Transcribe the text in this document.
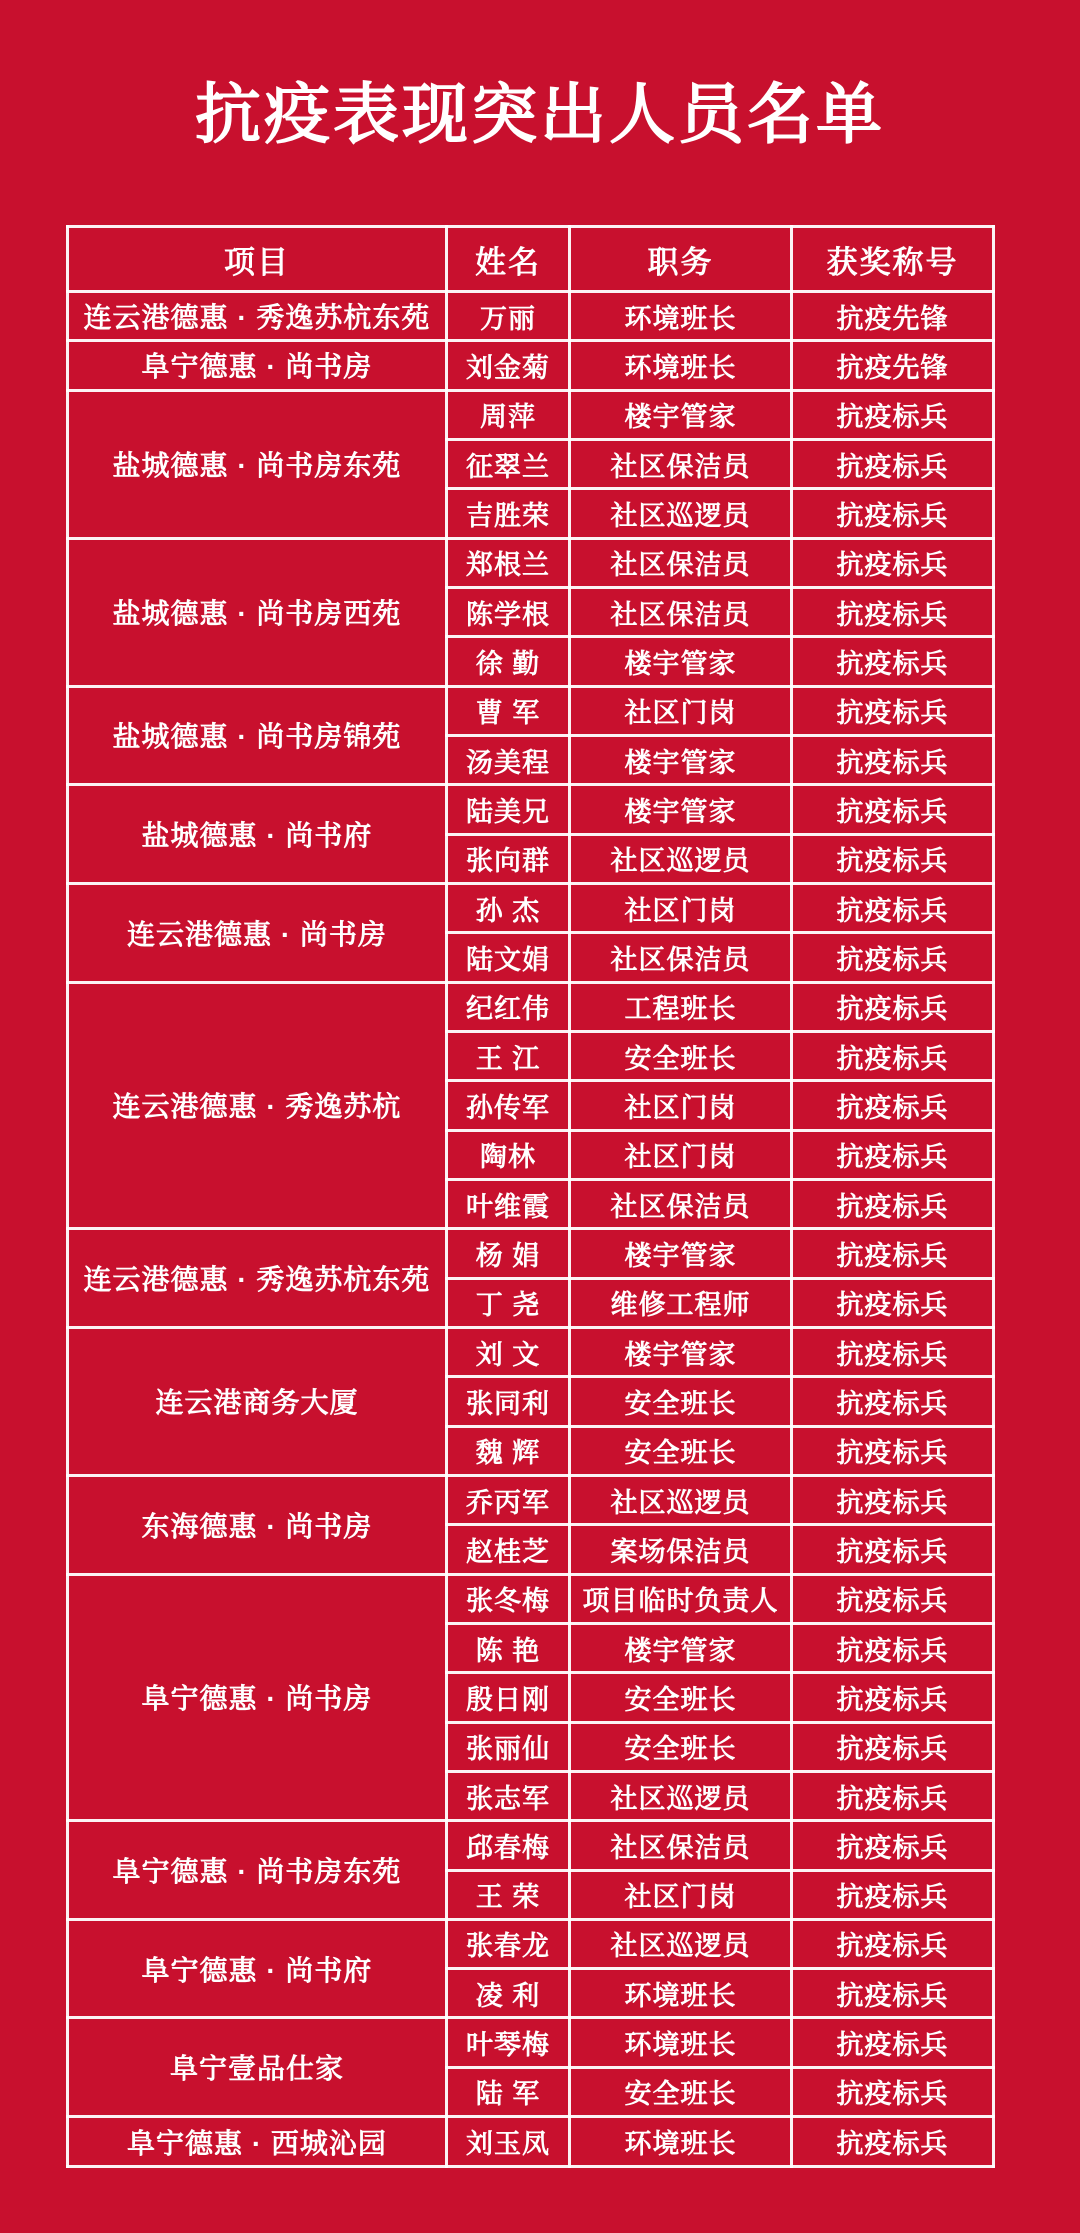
抗疫表现突出人员名单
项目	姓名	职务	获奖称号
连云港德惠 · 秀逸苏杭东苑	万丽	环境班长	抗疫先锋
阜宁德惠 · 尚书房	刘金菊	环境班长	抗疫先锋
盐城德惠 · 尚书房东苑	周萍	楼宇管家	抗疫标兵
	征翠兰	社区保洁员	抗疫标兵
	吉胜荣	社区巡逻员	抗疫标兵
盐城德惠 · 尚书房西苑	郑根兰	社区保洁员	抗疫标兵
	陈学根	社区保洁员	抗疫标兵
	徐 勤	楼宇管家	抗疫标兵
盐城德惠 · 尚书房锦苑	曹 军	社区门岗	抗疫标兵
	汤美程	楼宇管家	抗疫标兵
盐城德惠 · 尚书府	陆美兄	楼宇管家	抗疫标兵
	张向群	社区巡逻员	抗疫标兵
连云港德惠 · 尚书房	孙 杰	社区门岗	抗疫标兵
	陆文娟	社区保洁员	抗疫标兵
连云港德惠 · 秀逸苏杭	纪红伟	工程班长	抗疫标兵
	王 江	安全班长	抗疫标兵
	孙传军	社区门岗	抗疫标兵
	陶林	社区门岗	抗疫标兵
	叶维霞	社区保洁员	抗疫标兵
连云港德惠 · 秀逸苏杭东苑	杨 娟	楼宇管家	抗疫标兵
	丁 尧	维修工程师	抗疫标兵
连云港商务大厦	刘 文	楼宇管家	抗疫标兵
	张同利	安全班长	抗疫标兵
	魏 辉	安全班长	抗疫标兵
东海德惠 · 尚书房	乔丙军	社区巡逻员	抗疫标兵
	赵桂芝	案场保洁员	抗疫标兵
阜宁德惠 · 尚书房	张冬梅	项目临时负责人	抗疫标兵
	陈 艳	楼宇管家	抗疫标兵
	殷日刚	安全班长	抗疫标兵
	张丽仙	安全班长	抗疫标兵
	张志军	社区巡逻员	抗疫标兵
阜宁德惠 · 尚书房东苑	邱春梅	社区保洁员	抗疫标兵
	王 荣	社区门岗	抗疫标兵
阜宁德惠 · 尚书府	张春龙	社区巡逻员	抗疫标兵
	凌 利	环境班长	抗疫标兵
阜宁壹品仕家	叶琴梅	环境班长	抗疫标兵
	陆 军	安全班长	抗疫标兵
阜宁德惠 · 西城沁园	刘玉凤	环境班长	抗疫标兵
